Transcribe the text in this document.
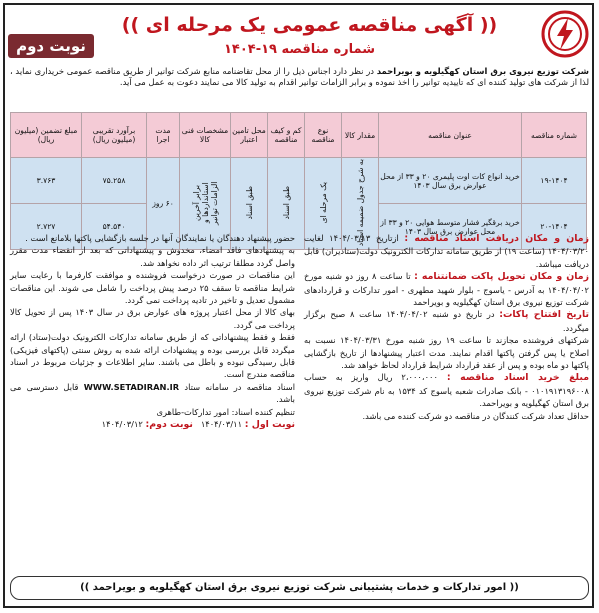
(( آگهی مناقصه عمومی یک مرحله ای ))
شماره مناقصه ۱۹-۱۴۰۴
نوبت دوم
شرکت توزیع نیروی برق استان کهگیلویه و بویراحمد در نظر دارد اجناس ذیل را از محل تقاضنامه منابع شرکت توانیر از طریق مناقصه عمومی خریداری نماید ، لذا از شرکت های تولید کننده ای که تاییدیه توانیر را اخذ نموده و برابر الزامات توانیر اقدام به تولید کالا می نمایند دعوت به عمل می آید.
شماره مناقصه	عنوان مناقصه	مقدار کالا	نوع مناقصه	کم و کیف مناقصه	محل تامین اعتبار	مشخصات فنی کالا	مدت اجرا	برآورد تقریبی (میلیون ریال)	مبلغ تضمین (میلیون ریال)
۱۹-۱۴۰۴	خرید انواع کات اوت پلیمری ۲۰ و ۳۳ از محل عوارض برق سال ۱۴۰۳	به شرح جدول ضمیمه اسناد	یک مرحله ای	طبق اسناد	طبق اسناد	برابر آخرین استانداردها و الزامات توانیر	۶۰ روز	۷۵.۲۵۸	۳.۷۶۳
۲۰-۱۴۰۴	خرید برقگیر فشار متوسط هوایی ۲۰ و ۳۳ از محل عوارض برق سال ۱۴۰۳							۵۴.۵۴۰	۲.۷۲۷
زمان و مکان دریافت اسناد مناقصه : ازتاریخ ۱۴۰۴/۰۳/۱۳ لغایت ۱۴۰۴/۰۳/۲۰ (ساعت ۱۹) از طریق سامانه تدارکات الکترونیک دولت(ستادیران) قابل دریافت میباشد.
زمان و مکان تحویل پاکت ضمانتنامه : تا ساعت ۸ روز دو شنبه مورخ ۱۴۰۴/۰۴/۰۲ به آدرس - یاسوج - بلوار شهید مطهری - امور تدارکات و قراردادهای شرکت توزیع نیروی برق استان کهگیلویه و بویراحمد
تاریخ افتتاح پاکات: در تاریخ دو شنبه ۱۴۰۴/۰۴/۰۲ ساعت ۸ صبح برگزار میگردد.
شرکتهای فروشنده مجازند تا ساعت ۱۹ روز شنبه مورخ ۱۴۰۴/۰۳/۳۱ نسبت به اصلاح یا پس گرفتن پاکتها اقدام نمایند. مدت اعتبار پیشنهادها از تاریخ بازگشایی پاکتها دو ماه بوده و پس از عقد قرارداد شرایط قرارداد لحاظ خواهد شد.
مبلغ خرید اسناد مناقصه : ۲،۰۰۰،۰۰۰ ریال واریز به حساب ۰۱۰۱۹۱۳۱۹۶۰۰۸ - بانک صادرات شعبه یاسوج کد ۱۵۳۴ به نام شرکت توزیع نیروی برق استان کهگیلویه و بویراحمد.
حداقل تعداد شرکت کنندگان در مناقصه دو شرکت کننده می باشد.
حضور پیشنهاد دهندگان یا نمایندگان آنها در جلسه بازگشایی پاکتها بلامانع است .
به پیشنهادهای فاقد امضاء، مخدوش و پیشنهاداتی که بعد از انقضاء مدت مقرر واصل گردد مطلقا ترتیب اثر داده نخواهد شد.
این مناقصات در صورت درخواست فروشنده و موافقت کارفرما با رعایت سایر شرایط مناقصه تا سقف ۲۵ درصد پیش پرداخت را شامل می شوند. این مناقصات مشمول تعدیل و تاخیر در تادیه پرداخت نمی گردد.
بهای کالا از محل اعتبار پروژه های عوارض برق در سال ۱۴۰۳ پس از تحویل کالا پرداخت می گردد.
فقط و فقط پیشنهاداتی که از طریق سامانه تدارکات الکترونیک دولت(ستاد) ارائه میگردد قابل بررسی بوده و پیشنهادات ارائه شده به روش سنتی (پاکتهای فیزیکی) قابل رسیدگی نبوده و باطل می باشند. سایر اطلاعات و جزئیات مربوط در اسناد مناقصه مندرج است.
اسناد مناقصه در سامانه ستاد WWW.SETADIRAN.IR قابل دسترسی می باشد.
تنظیم کننده اسناد: امور تدارکات-طاهری
نوبت اول : ۱۴۰۴/۰۳/۱۱   نوبت دوم: ۱۴۰۴/۰۳/۱۲
(( امور تدارکات و خدمات پشتیبانی شرکت توزیع نیروی برق استان کهگیلویه و بویراحمد ))
